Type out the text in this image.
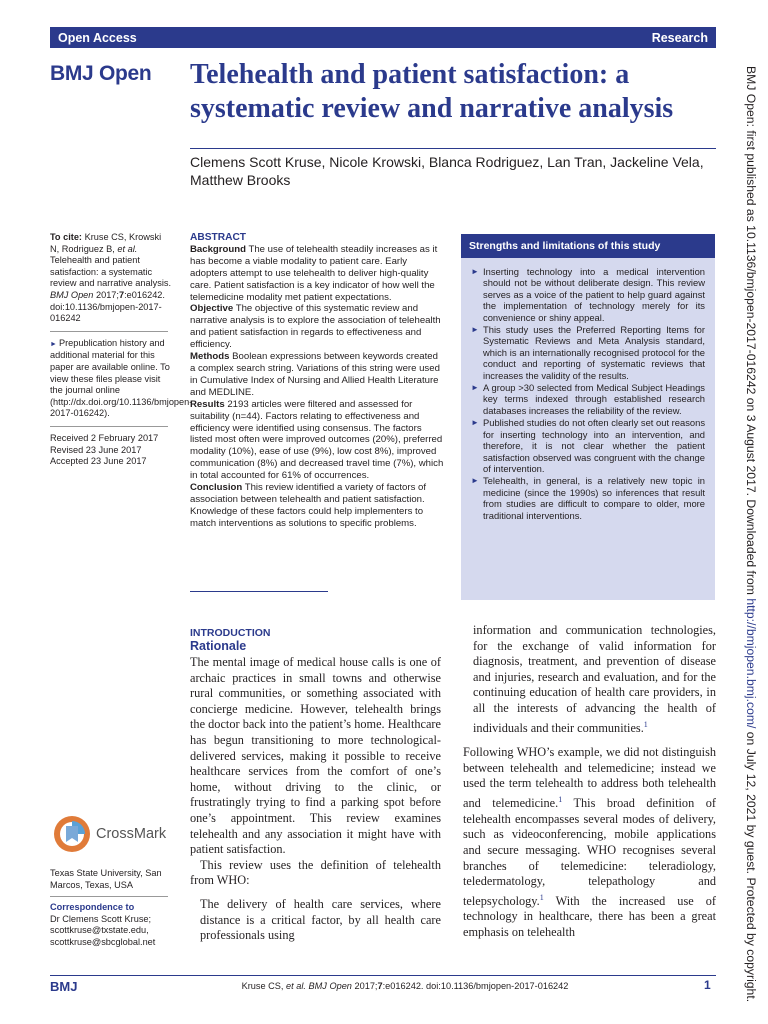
Open Access	Research
BMJ Open Telehealth and patient satisfaction: a systematic review and narrative analysis
Clemens Scott Kruse, Nicole Krowski, Blanca Rodriguez, Lan Tran, Jackeline Vela, Matthew Brooks
To cite: Kruse CS, Krowski N, Rodriguez B, et al. Telehealth and patient satisfaction: a systematic review and narrative analysis. BMJ Open 2017;7:e016242. doi:10.1136/bmjopen-2017-016242
► Prepublication history and additional material for this paper are available online. To view these files please visit the journal online (http://dx.doi.org/10.1136/bmjopen-2017-016242).
Received 2 February 2017
Revised 23 June 2017
Accepted 23 June 2017
CrossMark
Texas State University, San Marcos, Texas, USA
Correspondence to
Dr Clemens Scott Kruse;
scottkruse@txstate.edu,
scottkruse@sbcglobal.net
ABSTRACT
Background The use of telehealth steadily increases as it has become a viable modality to patient care. Early adopters attempt to use telehealth to deliver high-quality care. Patient satisfaction is a key indicator of how well the telemedicine modality met patient expectations.
Objective The objective of this systematic review and narrative analysis is to explore the association of telehealth and patient satisfaction in regards to effectiveness and efficiency.
Methods Boolean expressions between keywords created a complex search string. Variations of this string were used in Cumulative Index of Nursing and Allied Health Literature and MEDLINE.
Results 2193 articles were filtered and assessed for suitability (n=44). Factors relating to effectiveness and efficiency were identified using consensus. The factors listed most often were improved outcomes (20%), preferred modality (10%), ease of use (9%), low cost 8%), improved communication (8%) and decreased travel time (7%), which in total accounted for 61% of occurrences.
Conclusion This review identified a variety of factors of association between telehealth and patient satisfaction. Knowledge of these factors could help implementers to match interventions as solutions to specific problems.
Strengths and limitations of this study
► Inserting technology into a medical intervention should not be without deliberate design. This review serves as a voice of the patient to help guard against the implementation of technology merely for its convenience or shiny appeal.
► This study uses the Preferred Reporting Items for Systematic Reviews and Meta Analysis standard, which is an internationally recognised protocol for the conduct and reporting of systematic reviews that increases the validity of the results.
► A group >30 selected from Medical Subject Headings key terms indexed through established research databases increases the reliability of the review.
► Published studies do not often clearly set out reasons for inserting technology into an intervention, and therefore, it is not clear whether the patient satisfaction observed was congruent with the change of intervention.
► Telehealth, in general, is a relatively new topic in medicine (since the 1990s) so inferences that result from studies are difficult to compare to older, more traditional interventions.
INTRODUCTION
Rationale

The mental image of medical house calls is one of archaic practices in small towns and otherwise rural communities, or something associated with concierge medicine. However, telehealth brings the doctor back into the patient’s home. Healthcare has begun transitioning to more technological-delivered services, making it possible to receive healthcare services from the comfort of one’s home, without driving to the clinic, or frustratingly trying to find a parking spot before one’s appointment. This review examines telehealth and any association it might have with patient satisfaction.

This review uses the definition of telehealth from WHO:

The delivery of health care services, where distance is a critical factor, by all health care professionals using

information and communication technologies, for the exchange of valid information for diagnosis, treatment, and prevention of disease and injuries, research and evaluation, and for the continuing education of health care providers, in all the interests of advancing the health of individuals and their communities.$^1$

Following WHO’s example, we did not distinguish between telehealth and telemedicine; instead we used the term telehealth to address both telehealth and telemedicine.$^1$ This broad definition of telehealth encompasses several modes of delivery, such as videoconferencing, mobile applications and secure messaging. WHO recognises several branches of telemedicine: teleradiology, teledermatology, telepathology and telepsychology.$^1$ With the increased use of technology in healthcare, there has been a great emphasis on telehealth

BMJ Open: first published as 10.1136/bmjopen-2017-016242 on 3 August 2017. Downloaded from http://bmjopen.bmj.com/ on July 12, 2021 by guest. Protected by copyright.
BMJ	Kruse CS, et al. BMJ Open 2017;7:e016242. doi:10.1136/bmjopen-2017-016242	1
